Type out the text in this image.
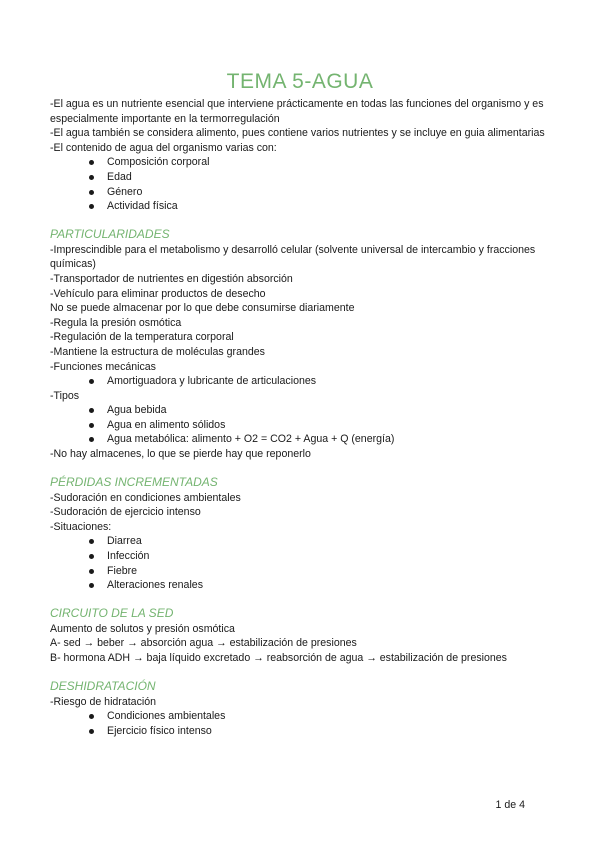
TEMA 5-AGUA

-El agua es un nutriente esencial que interviene prácticamente en todas las funciones del organismo y es especialmente importante en la termorregulación

-El agua también se considera alimento, pues contiene varios nutrientes y se incluye en guia alimentarias

-El contenido de agua del organismo varias con:

Composición corporal
Edad
Género
Actividad física
PARTICULARIDADES

-Imprescindible para el metabolismo y desarrolló celular (solvente universal de intercambio y fracciones químicas)

-Transportador de nutrientes en digestión absorción

-Vehículo para eliminar productos de desecho

No se puede almacenar por lo que debe consumirse diariamente

-Regula la presión osmótica

-Regulación de la temperatura corporal

-Mantiene la estructura de moléculas grandes

-Funciones mecánicas

Amortiguadora y lubricante de articulaciones

-Tipos

Agua bebida
Agua en alimento sólidos
Agua metabólica: alimento + O2 = CO2 + Agua + Q (energía)

-No hay almacenes, lo que se pierde hay que reponerlo

PÉRDIDAS INCREMENTADAS

-Sudoración en condiciones ambientales

-Sudoración de ejercicio intenso

-Situaciones:

Diarrea
Infección
Fiebre
Alteraciones renales
CIRCUITO DE LA SED

Aumento de solutos y presión osmótica

A- sed → beber → absorción agua → estabilización de presiones

B- hormona ADH → baja líquido excretado → reabsorción de agua → estabilización de presiones

DESHIDRATACIÓN

-Riesgo de hidratación

Condiciones ambientales
Ejercicio físico intenso
1 de 4
